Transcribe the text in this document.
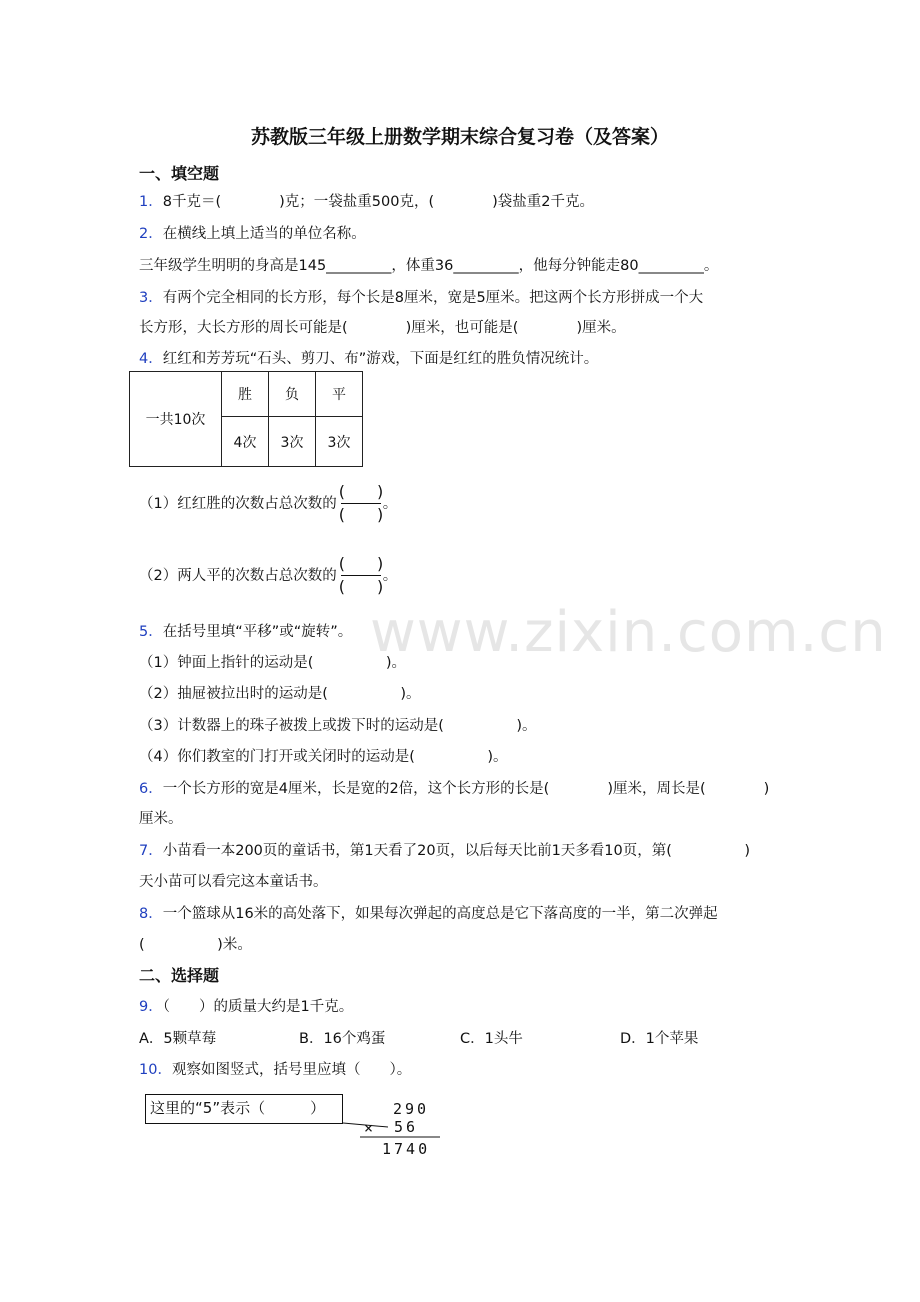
www.zixin.com.cn
苏教版三年级上册数学期末综合复习卷（及答案）
一、填空题
1．8千克＝(　　　　)克；一袋盐重500克，(　　　　)袋盐重2千克。
2．在横线上填上适当的单位名称。
三年级学生明明的身高是145_________，体重36_________，他每分钟能走80_________。
3．有两个完全相同的长方形，每个长是8厘米，宽是5厘米。把这两个长方形拼成一个大
长方形，大长方形的周长可能是(　　　　)厘米，也可能是(　　　　)厘米。
4．红红和芳芳玩“石头、剪刀、布”游戏，下面是红红的胜负情况统计。
一共10次	胜	负	平
	4次	3次	3次
（1）红红胜的次数占总次数的 $\frac{( )}{( )}$ 。
（2）两人平的次数占总次数的 $\frac{( )}{( )}$ 。
5．在括号里填“平移”或“旋转”。
（1）钟面上指针的运动是(　　　　　)。
（2）抽屉被拉出时的运动是(　　　　　)。
（3）计数器上的珠子被拨上或拨下时的运动是(　　　　　)。
（4）你们教室的门打开或关闭时的运动是(　　　　　)。
6．一个长方形的宽是4厘米，长是宽的2倍，这个长方形的长是(　　　　)厘米，周长是(　　　　)
厘米。
7．小苗看一本200页的童话书，第1天看了20页，以后每天比前1天多看10页，第(　　　　　)
天小苗可以看完这本童话书。
8．一个篮球从16米的高处落下，如果每次弹起的高度总是它下落高度的一半，第二次弹起
(　　　　　)米。
二、选择题
9．（　　）的质量大约是1千克。
A．5颗草莓	B．16个鸡蛋	C．1头牛	D．1个苹果
10．观察如图竖式，括号里应填（　　）。
这里的“5”表示（　　　）	290
× 56
1740
